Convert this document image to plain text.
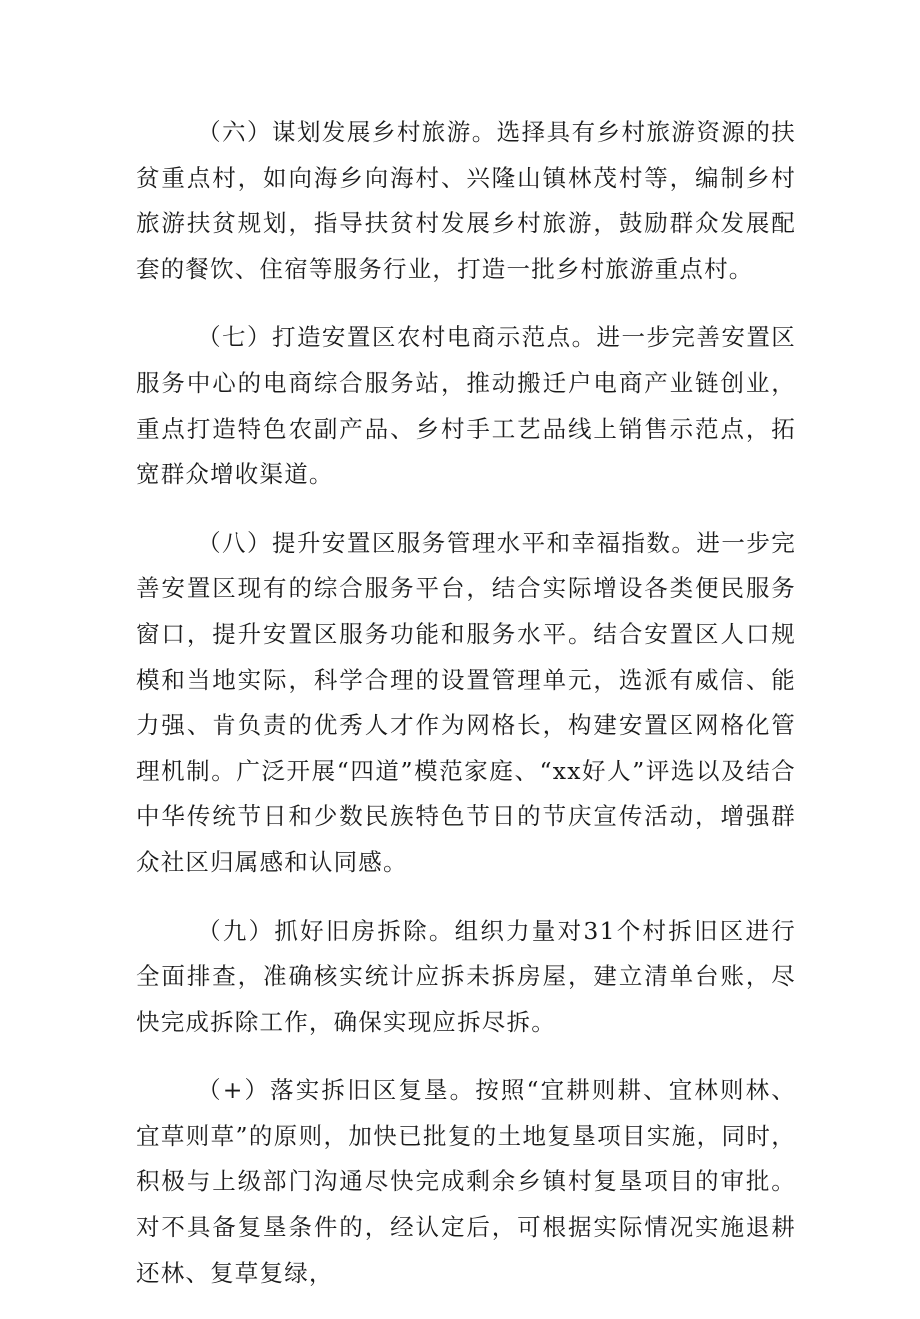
（六）谋划发展乡村旅游。选择具有乡村旅游资源的扶贫重点村，如向海乡向海村、兴隆山镇林茂村等，编制乡村旅游扶贫规划，指导扶贫村发展乡村旅游，鼓励群众发展配套的餐饮、住宿等服务行业，打造一批乡村旅游重点村。

（七）打造安置区农村电商示范点。进一步完善安置区服务中心的电商综合服务站，推动搬迁户电商产业链创业，重点打造特色农副产品、乡村手工艺品线上销售示范点，拓宽群众增收渠道。

（八）提升安置区服务管理水平和幸福指数。进一步完善安置区现有的综合服务平台，结合实际增设各类便民服务窗口，提升安置区服务功能和服务水平。结合安置区人口规模和当地实际，科学合理的设置管理单元，选派有威信、能力强、肯负责的优秀人才作为网格长，构建安置区网格化管理机制。广泛开展“四道”模范家庭、“xx好人”评选以及结合中华传统节日和少数民族特色节日的节庆宣传活动，增强群众社区归属感和认同感。

（九）抓好旧房拆除。组织力量对31个村拆旧区进行全面排查，准确核实统计应拆未拆房屋，建立清单台账，尽快完成拆除工作，确保实现应拆尽拆。

（+）落实拆旧区复垦。按照“宜耕则耕、宜林则林、宜草则草”的原则，加快已批复的土地复垦项目实施，同时，积极与上级部门沟通尽快完成剩余乡镇村复垦项目的审批。对不具备复垦条件的，经认定后，可根据实际情况实施退耕还林、复草复绿，
